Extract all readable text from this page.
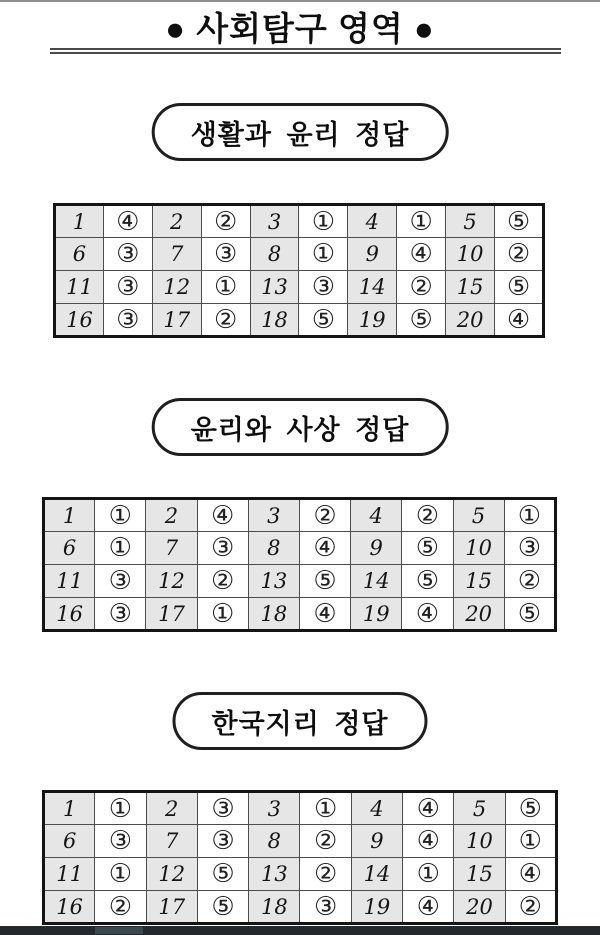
● 사회탐구 영역 ●
생활과 윤리 정답
1	④	2	②	3	①	4	①	5	⑤
6	③	7	③	8	①	9	④	10	②
11	③	12	①	13	③	14	②	15	⑤
16	③	17	②	18	⑤	19	⑤	20	④
윤리와 사상 정답
1	①	2	④	3	②	4	②	5	①
6	①	7	③	8	④	9	⑤	10	③
11	③	12	②	13	⑤	14	⑤	15	②
16	③	17	①	18	④	19	④	20	⑤
한국지리 정답
1	①	2	③	3	①	4	④	5	⑤
6	③	7	③	8	②	9	④	10	①
11	①	12	⑤	13	②	14	①	15	④
16	②	17	⑤	18	③	19	④	20	②
